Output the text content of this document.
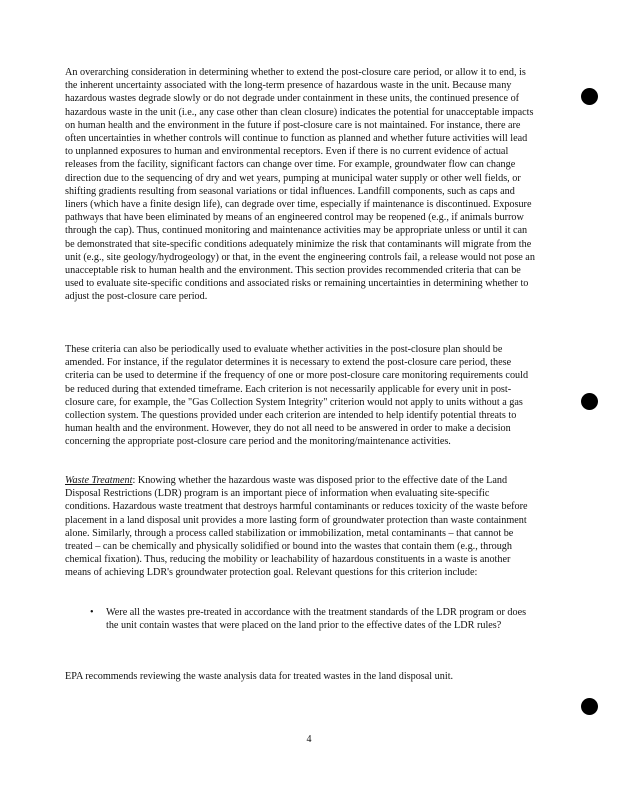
An overarching consideration in determining whether to extend the post-closure care period, or allow it to end, is the inherent uncertainty associated with the long-term presence of hazardous waste in the unit. Because many hazardous wastes degrade slowly or do not degrade under containment in these units, the continued presence of hazardous waste in the unit (i.e., any case other than clean closure) indicates the potential for unacceptable impacts on human health and the environment in the future if post-closure care is not maintained. For instance, there are often uncertainties in whether controls will continue to function as planned and whether future activities will lead to unplanned exposures to human and environmental receptors. Even if there is no current evidence of actual releases from the facility, significant factors can change over time. For example, groundwater flow can change direction due to the sequencing of dry and wet years, pumping at municipal water supply or other well fields, or shifting gradients resulting from seasonal variations or tidal influences. Landfill components, such as caps and liners (which have a finite design life), can degrade over time, especially if maintenance is discontinued. Exposure pathways that have been eliminated by means of an engineered control may be reopened (e.g., if animals burrow through the cap). Thus, continued monitoring and maintenance activities may be appropriate unless or until it can be demonstrated that site-specific conditions adequately minimize the risk that contaminants will migrate from the unit (e.g., site geology/hydrogeology) or that, in the event the engineering controls fail, a release would not pose an unacceptable risk to human health and the environment. This section provides recommended criteria that can be used to evaluate site-specific conditions and associated risks or remaining uncertainties in determining whether to adjust the post-closure care period.

These criteria can also be periodically used to evaluate whether activities in the post-closure plan should be amended. For instance, if the regulator determines it is necessary to extend the post-closure care period, these criteria can be used to determine if the frequency of one or more post-closure care monitoring requirements could be reduced during that extended timeframe. Each criterion is not necessarily applicable for every unit in post-closure care, for example, the "Gas Collection System Integrity" criterion would not apply to units without a gas collection system. The questions provided under each criterion are intended to help identify potential threats to human health and the environment. However, they do not all need to be answered in order to make a decision concerning the appropriate post-closure care period and the monitoring/maintenance activities.

Waste Treatment: Knowing whether the hazardous waste was disposed prior to the effective date of the Land Disposal Restrictions (LDR) program is an important piece of information when evaluating site-specific conditions. Hazardous waste treatment that destroys harmful contaminants or reduces toxicity of the waste before placement in a land disposal unit provides a more lasting form of groundwater protection than waste containment alone. Similarly, through a process called stabilization or immobilization, metal contaminants – that cannot be treated – can be chemically and physically solidified or bound into the wastes that contain them (e.g., through chemical fixation). Thus, reducing the mobility or leachability of hazardous constituents in a waste is another means of achieving LDR's groundwater protection goal. Relevant questions for this criterion include:

•	Were all the wastes pre-treated in accordance with the treatment standards of the LDR program or does the unit contain wastes that were placed on the land prior to the effective dates of the LDR rules?

EPA recommends reviewing the waste analysis data for treated wastes in the land disposal unit.

4
